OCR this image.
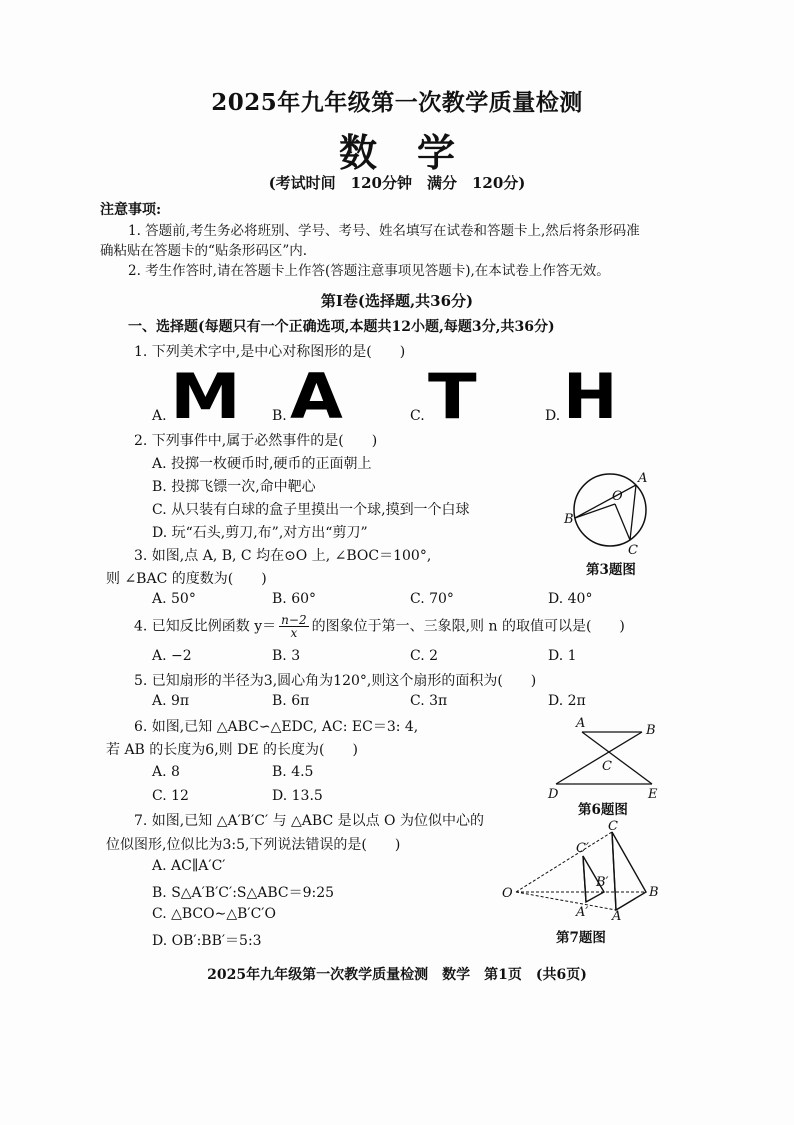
2025年九年级第一次教学质量检测
数学
(考试时间　120分钟　满分　120分)
注意事项:
1. 答题前,考生务必将班别、学号、考号、姓名填写在试卷和答题卡上,然后将条形码准
确粘贴在答题卡的“贴条形码区”内.
2. 考生作答时,请在答题卡上作答(答题注意事项见答题卡),在本试卷上作答无效。
第Ⅰ卷(选择题,共36分)
一、选择题(每题只有一个正确选项,本题共12小题,每题3分,共36分)
1. 下列美术字中,是中心对称图形的是(　　)
A. M B. A	C. T	D. H
2. 下列事件中,属于必然事件的是(　　)
A. 投掷一枚硬币时,硬币的正面朝上
B. 投掷飞镖一次,命中靶心
C. 从只装有白球的盒子里摸出一个球,摸到一个白球
D. 玩“石头,剪刀,布”,对方出“剪刀”
A
B
C
O
第3题图
3. 如图,点 A, B, C 均在⊙O 上, ∠BOC＝100°,
则 ∠BAC 的度数为(　　)
A. 50°	B. 60°	C. 70°	D. 40°
4. 已知反比例函数 $y= \frac{n-2}{x}$ 的图象位于第一、三象限,则 n 的取值可以是(　　)
A. −2	B. 3	C. 2	D. 1
5. 已知扇形的半径为3,圆心角为120°,则这个扇形的面积为(　　)
A. 9π	B. 6π	C. 3π	D. 2π
A	B
C
D	E
第6题图
6. 如图,已知 △ABC∽△EDC, AC: EC＝3: 4,
若 AB 的长度为6,则 DE 的长度为(　　)
A. 8	B. 4.5
C. 12	D. 13.5
7. 如图,已知 △A′B′C′ 与 △ABC 是以点 O 为位似中心的
位似图形,位似比为3:5,下列说法错误的是(　　)
A. AC∥A′C′
B. S△A′B′C′:S△ABC＝9:25
C. △BCO∼△B′C′O
D. OB′:BB′＝5:3
O
A
B
C
A′
B′
C′
第7题图
2025年九年级第一次教学质量检测　数学　第1页　(共6页)
